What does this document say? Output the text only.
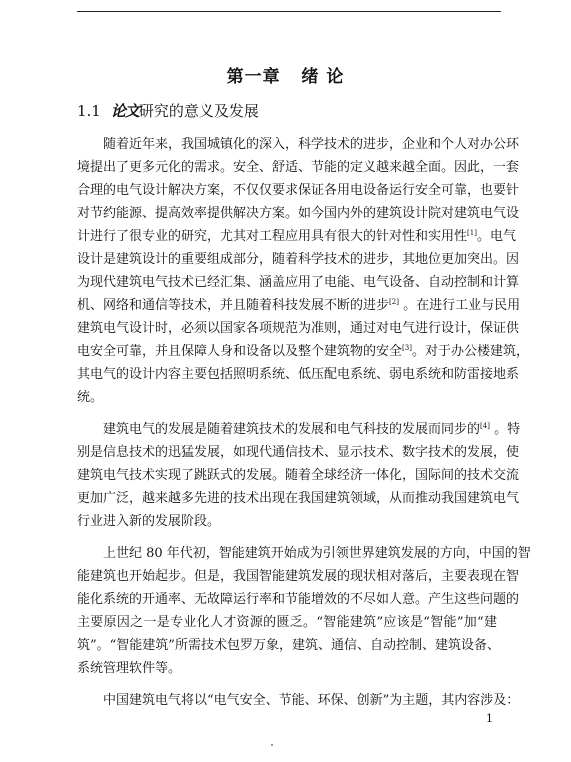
第一章   绪 论
1.1 论文研究的意义及发展
随着近年来，我国城镇化的深入，科学技术的进步，企业和个人对办公环
境提出了更多元化的需求。安全、舒适、节能的定义越来越全面。因此，一套
合理的电气设计解决方案，不仅仅要求保证各用电设备运行安全可靠，也要针
对节约能源、提高效率提供解决方案。如今国内外的建筑设计院对建筑电气设
计进行了很专业的研究，尤其对工程应用具有很大的针对性和实用性[1]。电气
设计是建筑设计的重要组成部分，随着科学技术的进步，其地位更加突出。因
为现代建筑电气技术已经汇集、涵盖应用了电能、电气设备、自动控制和计算
机、网络和通信等技术，并且随着科技发展不断的进步[2] 。在进行工业与民用
建筑电气设计时，必须以国家各项规范为准则，通过对电气进行设计，保证供
电安全可靠，并且保障人身和设备以及整个建筑物的安全[3]。对于办公楼建筑，
其电气的设计内容主要包括照明系统、低压配电系统、弱电系统和防雷接地系
统。
建筑电气的发展是随着建筑技术的发展和电气科技的发展而同步的[4] 。特
别是信息技术的迅猛发展，如现代通信技术、显示技术、数字技术的发展，使
建筑电气技术实现了跳跃式的发展。随着全球经济一体化，国际间的技术交流
更加广泛，越来越多先进的技术出现在我国建筑领域，从而推动我国建筑电气
行业进入新的发展阶段。
上世纪 80 年代初，智能建筑开始成为引领世界建筑发展的方向，中国的智
能建筑也开始起步。但是，我国智能建筑发展的现状相对落后，主要表现在智
能化系统的开通率、无故障运行率和节能增效的不尽如人意。产生这些问题的
主要原因之一是专业化人才资源的匮乏。“智能建筑”应该是“智能”加“建
筑”。“智能建筑”所需技术包罗万象，建筑、通信、自动控制、建筑设备、
系统管理软件等。
中国建筑电气将以“电气安全、节能、环保、创新”为主题，其内容涉及：
1
